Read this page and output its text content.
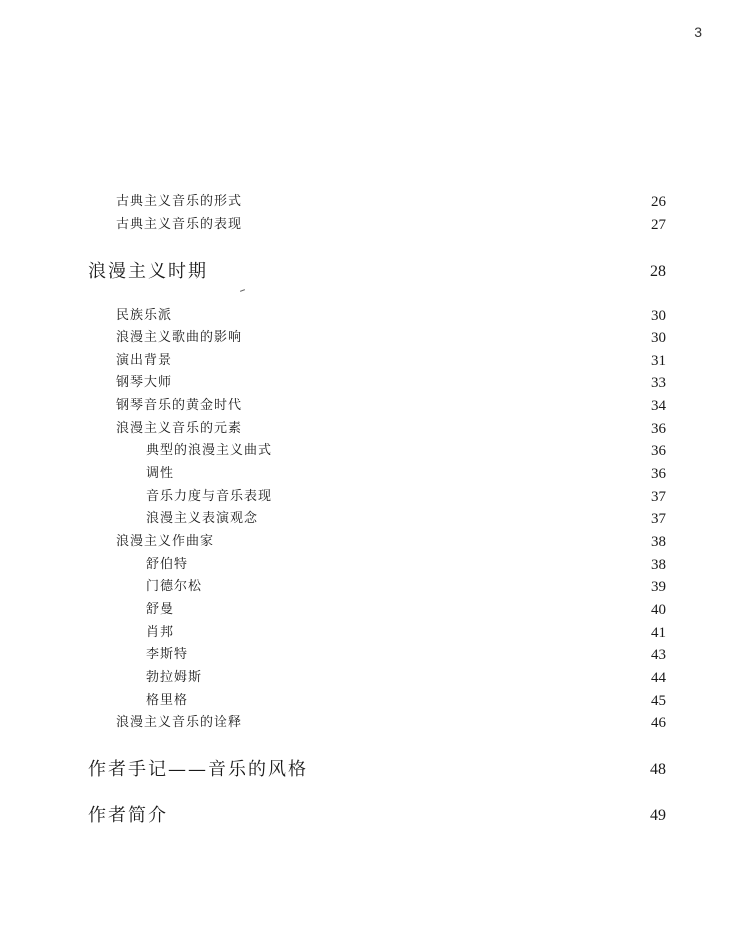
3
古典主义音乐的形式	26
古典主义音乐的表现	27
浪漫主义时期	28
民族乐派	30
浪漫主义歌曲的影响	30
演出背景	31
钢琴大师	33
钢琴音乐的黄金时代	34
浪漫主义音乐的元素	36
典型的浪漫主义曲式	36
调性	36
音乐力度与音乐表现	37
浪漫主义表演观念	37
浪漫主义作曲家	38
舒伯特	38
门德尔松	39
舒曼	40
肖邦	41
李斯特	43
勃拉姆斯	44
格里格	45
浪漫主义音乐的诠释	46
作者手记——音乐的风格	48
作者简介	49
